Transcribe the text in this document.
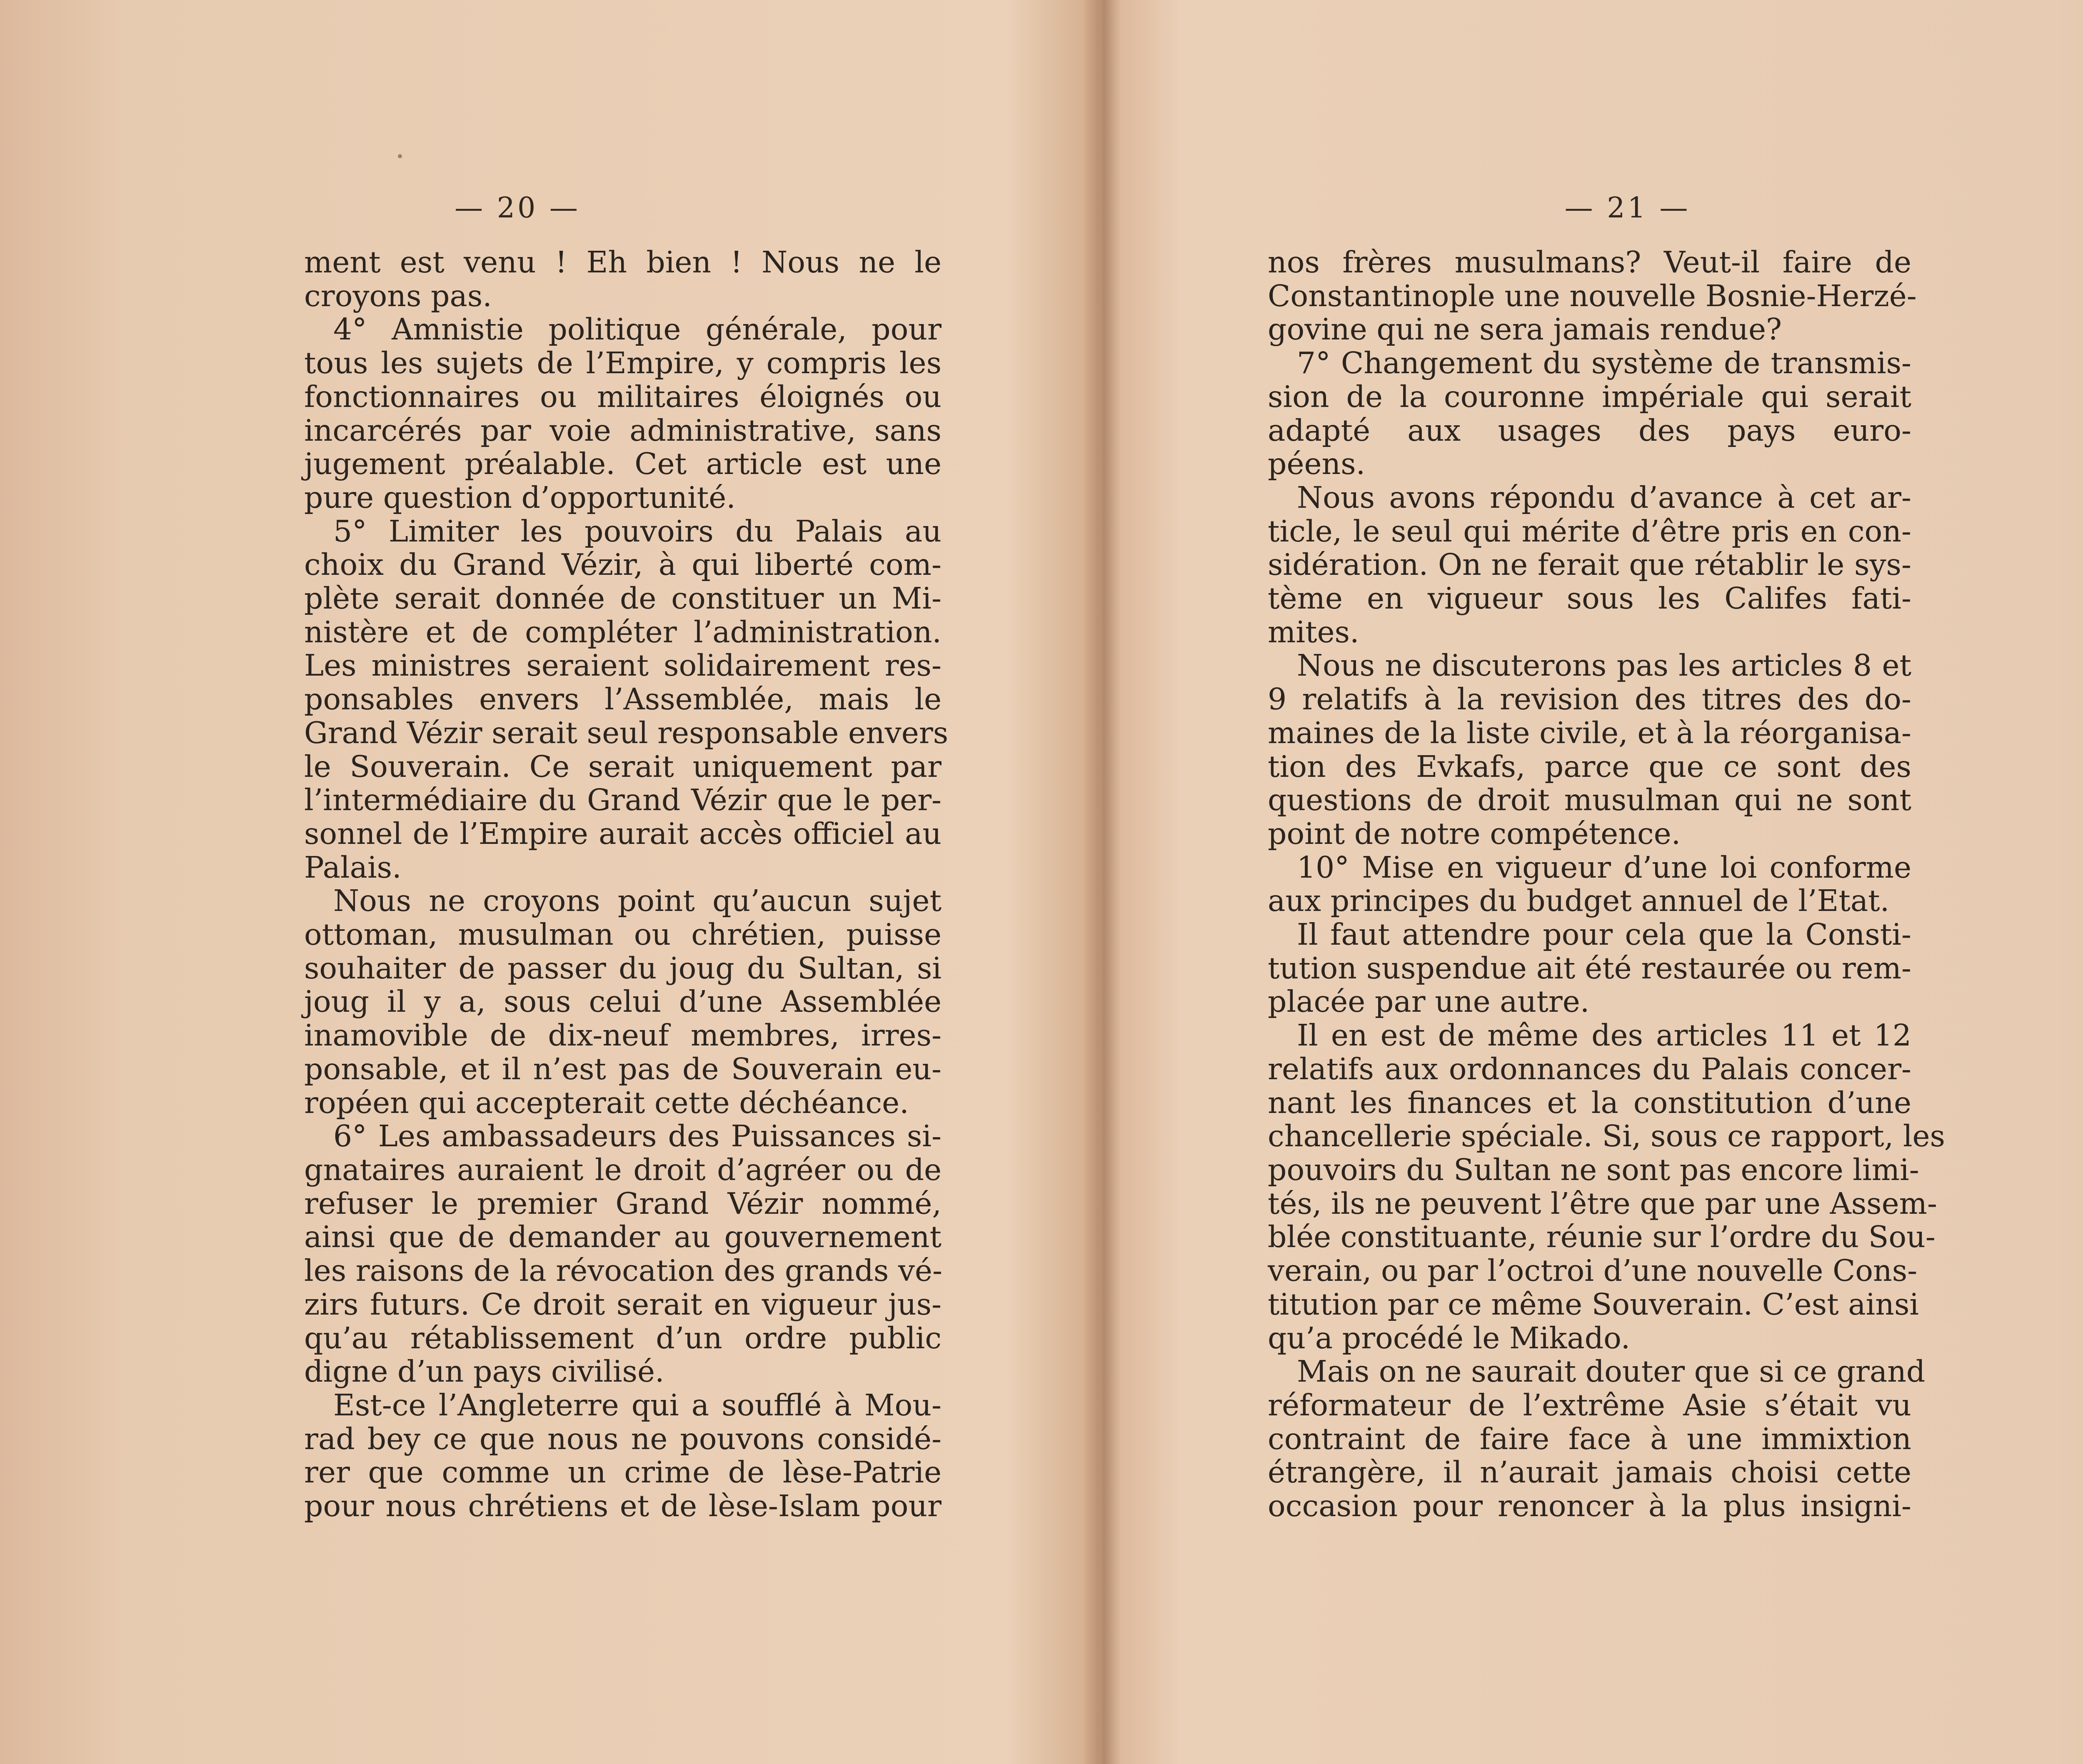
— 20 —
ment est venu ! Eh bien ! Nous ne le
croyons pas.
4° Amnistie politique générale, pour
tous les sujets de l’Empire, y compris les
fonctionnaires ou militaires éloignés ou
incarcérés par voie administrative, sans
jugement préalable. Cet article est une
pure question d’opportunité.
5° Limiter les pouvoirs du Palais au
choix du Grand Vézir, à qui liberté com-
plète serait donnée de constituer un Mi-
nistère et de compléter l’administration.
Les ministres seraient solidairement res-
ponsables envers l’Assemblée, mais le
Grand Vézir serait seul responsable envers
le Souverain. Ce serait uniquement par
l’intermédiaire du Grand Vézir que le per-
sonnel de l’Empire aurait accès officiel au
Palais.
Nous ne croyons point qu’aucun sujet
ottoman, musulman ou chrétien, puisse
souhaiter de passer du joug du Sultan, si
joug il y a, sous celui d’une Assemblée
inamovible de dix-neuf membres, irres-
ponsable, et il n’est pas de Souverain eu-
ropéen qui accepterait cette déchéance.
6° Les ambassadeurs des Puissances si-
gnataires auraient le droit d’agréer ou de
refuser le premier Grand Vézir nommé,
ainsi que de demander au gouvernement
les raisons de la révocation des grands vé-
zirs futurs. Ce droit serait en vigueur jus-
qu’au rétablissement d’un ordre public
digne d’un pays civilisé.
Est-ce l’Angleterre qui a soufflé à Mou-
rad bey ce que nous ne pouvons considé-
rer que comme un crime de lèse-Patrie
pour nous chrétiens et de lèse-Islam pour
— 21 —
nos frères musulmans? Veut-il faire de
Constantinople une nouvelle Bosnie-Herzé-
govine qui ne sera jamais rendue?
7° Changement du système de transmis-
sion de la couronne impériale qui serait
adapté aux usages des pays euro-
péens.
Nous avons répondu d’avance à cet ar-
ticle, le seul qui mérite d’être pris en con-
sidération. On ne ferait que rétablir le sys-
tème en vigueur sous les Califes fati-
mites.
Nous ne discuterons pas les articles 8 et
9 relatifs à la revision des titres des do-
maines de la liste civile, et à la réorganisa-
tion des Evkafs, parce que ce sont des
questions de droit musulman qui ne sont
point de notre compétence.
10° Mise en vigueur d’une loi conforme
aux principes du budget annuel de l’Etat.
Il faut attendre pour cela que la Consti-
tution suspendue ait été restaurée ou rem-
placée par une autre.
Il en est de même des articles 11 et 12
relatifs aux ordonnances du Palais concer-
nant les finances et la constitution d’une
chancellerie spéciale. Si, sous ce rapport, les
pouvoirs du Sultan ne sont pas encore limi-
tés, ils ne peuvent l’être que par une Assem-
blée constituante, réunie sur l’ordre du Sou-
verain, ou par l’octroi d’une nouvelle Cons-
titution par ce même Souverain. C’est ainsi
qu’a procédé le Mikado.
Mais on ne saurait douter que si ce grand
réformateur de l’extrême Asie s’était vu
contraint de faire face à une immixtion
étrangère, il n’aurait jamais choisi cette
occasion pour renoncer à la plus insigni-
